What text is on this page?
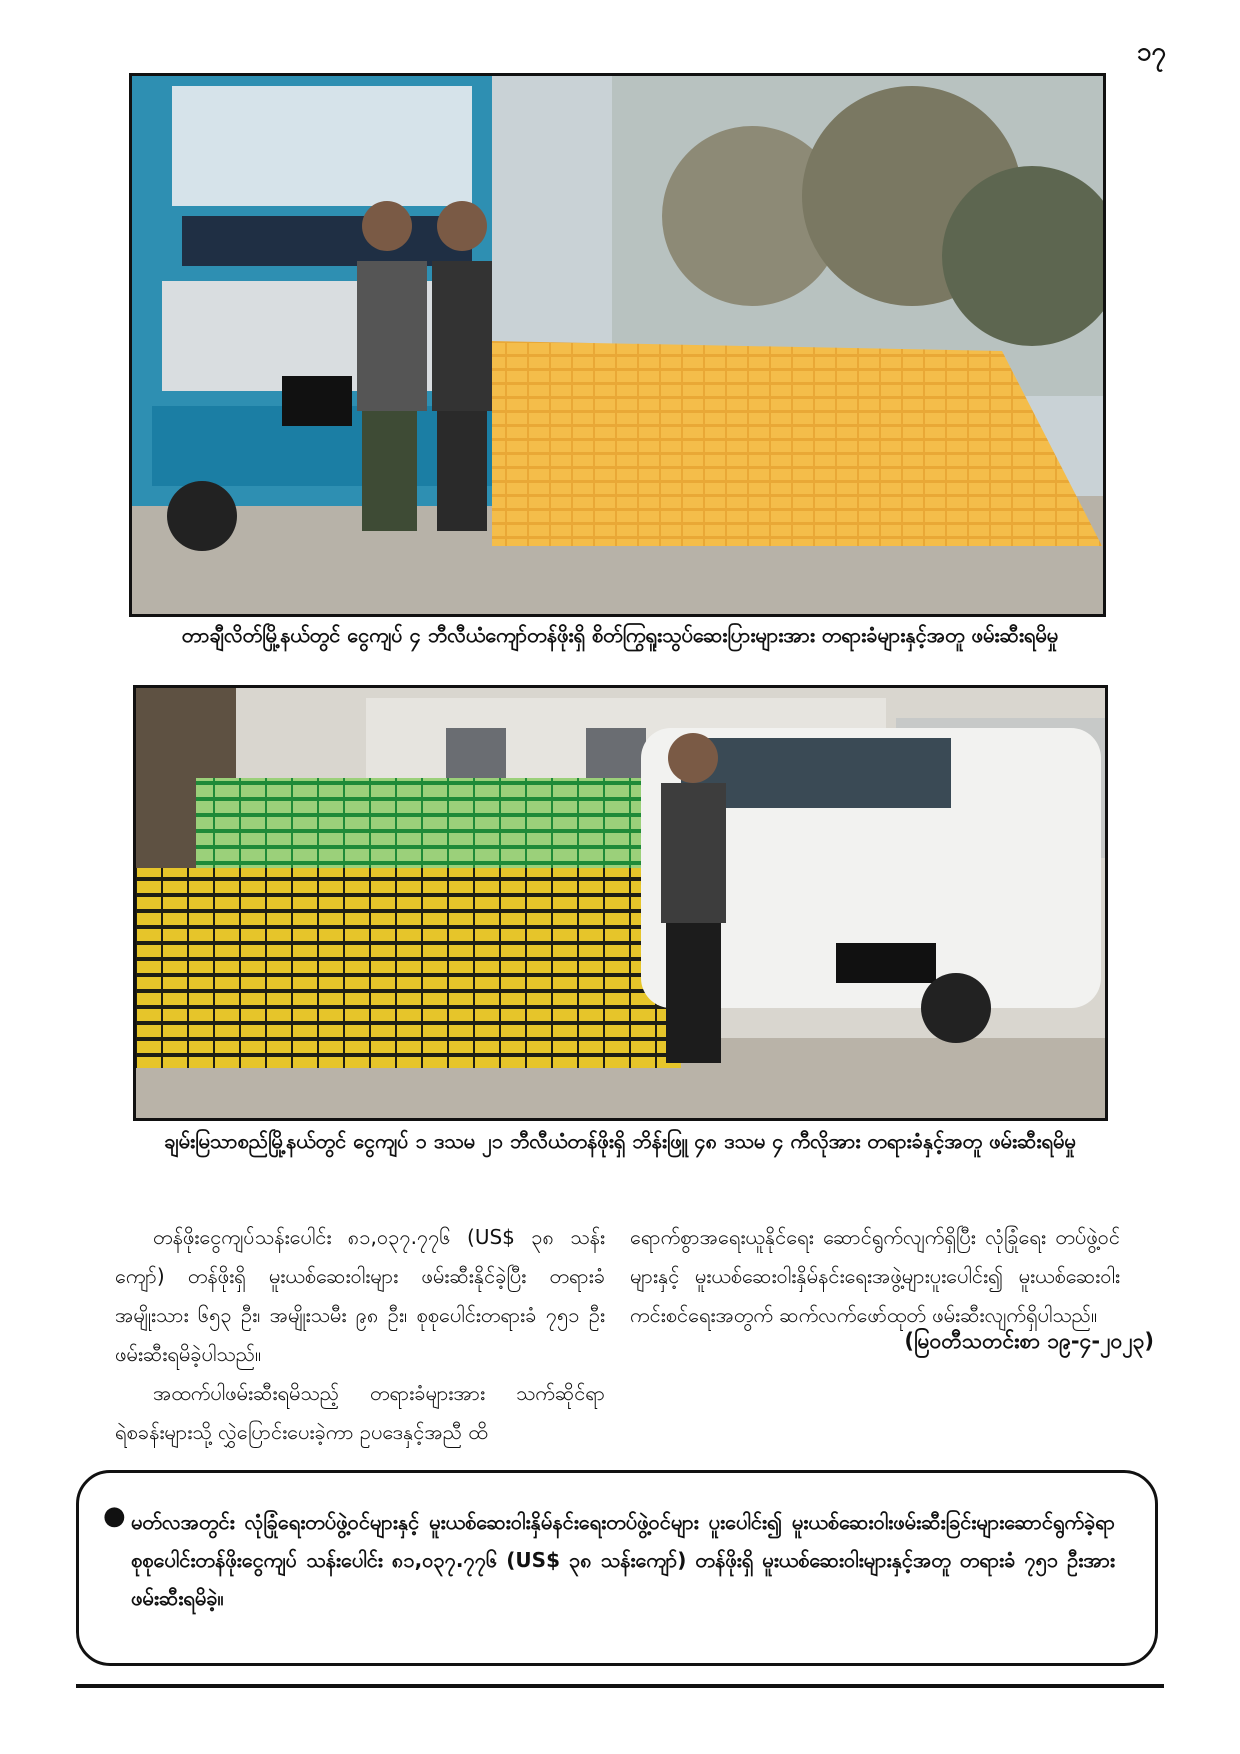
၁၇
တာချီလိတ်မြို့နယ်တွင် ငွေကျပ် ၄ ဘီလီယံကျော်တန်ဖိုးရှိ စိတ်ကြွရူးသွပ်ဆေးပြားများအား တရားခံများနှင့်အတူ ဖမ်းဆီးရမိမှု
ချမ်းမြသာစည်မြို့နယ်တွင် ငွေကျပ် ၁ ဒသမ ၂၁ ဘီလီယံတန်ဖိုးရှိ ဘိန်းဖြူ ၄၈ ဒသမ ၄ ကီလိုအား တရားခံနှင့်အတူ ဖမ်းဆီးရမိမှု

တန်ဖိုးငွေကျပ်သန်းပေါင်း ၈၁,၀၃၇.၇၇၆ (US$ ၃၈ သန်းကျော်) တန်ဖိုးရှိ မူးယစ်ဆေးဝါးများ ဖမ်းဆီးနိုင်ခဲ့ပြီး တရားခံ အမျိုးသား ၆၅၃ ဦး၊ အမျိုးသမီး ၉၈ ဦး၊ စုစုပေါင်းတရားခံ ၇၅၁ ဦး ဖမ်းဆီးရမိခဲ့ပါသည်။

အထက်ပါဖမ်းဆီးရမိသည့် တရားခံများအား သက်ဆိုင်ရာရဲစခန်းများသို့ လွှဲပြောင်းပေးခဲ့ကာ ဥပဒေနှင့်အညီ ထိ

ရောက်စွာအရေးယူနိုင်ရေး ဆောင်ရွက်လျက်ရှိပြီး လုံခြုံရေး တပ်ဖွဲ့ဝင်များနှင့် မူးယစ်ဆေးဝါးနှိမ်နင်းရေးအဖွဲ့များပူးပေါင်း၍ မူးယစ်ဆေးဝါးကင်းစင်ရေးအတွက် ဆက်လက်ဖော်ထုတ် ဖမ်းဆီးလျက်ရှိပါသည်။

(မြဝတီသတင်းစာ ၁၉-၄-၂၀၂၃)
● မတ်လအတွင်း လုံခြုံရေးတပ်ဖွဲ့ဝင်များနှင့် မူးယစ်ဆေးဝါးနှိမ်နင်းရေးတပ်ဖွဲ့ဝင်များ ပူးပေါင်း၍ မူးယစ်ဆေးဝါးဖမ်းဆီးခြင်းများဆောင်ရွက်ခဲ့ရာ စုစုပေါင်းတန်ဖိုးငွေကျပ် သန်းပေါင်း ၈၁,၀၃၇.၇၇၆ (US$ ၃၈ သန်းကျော်) တန်ဖိုးရှိ မူးယစ်ဆေးဝါးများနှင့်အတူ တရားခံ ၇၅၁ ဦးအား ဖမ်းဆီးရမိခဲ့။
